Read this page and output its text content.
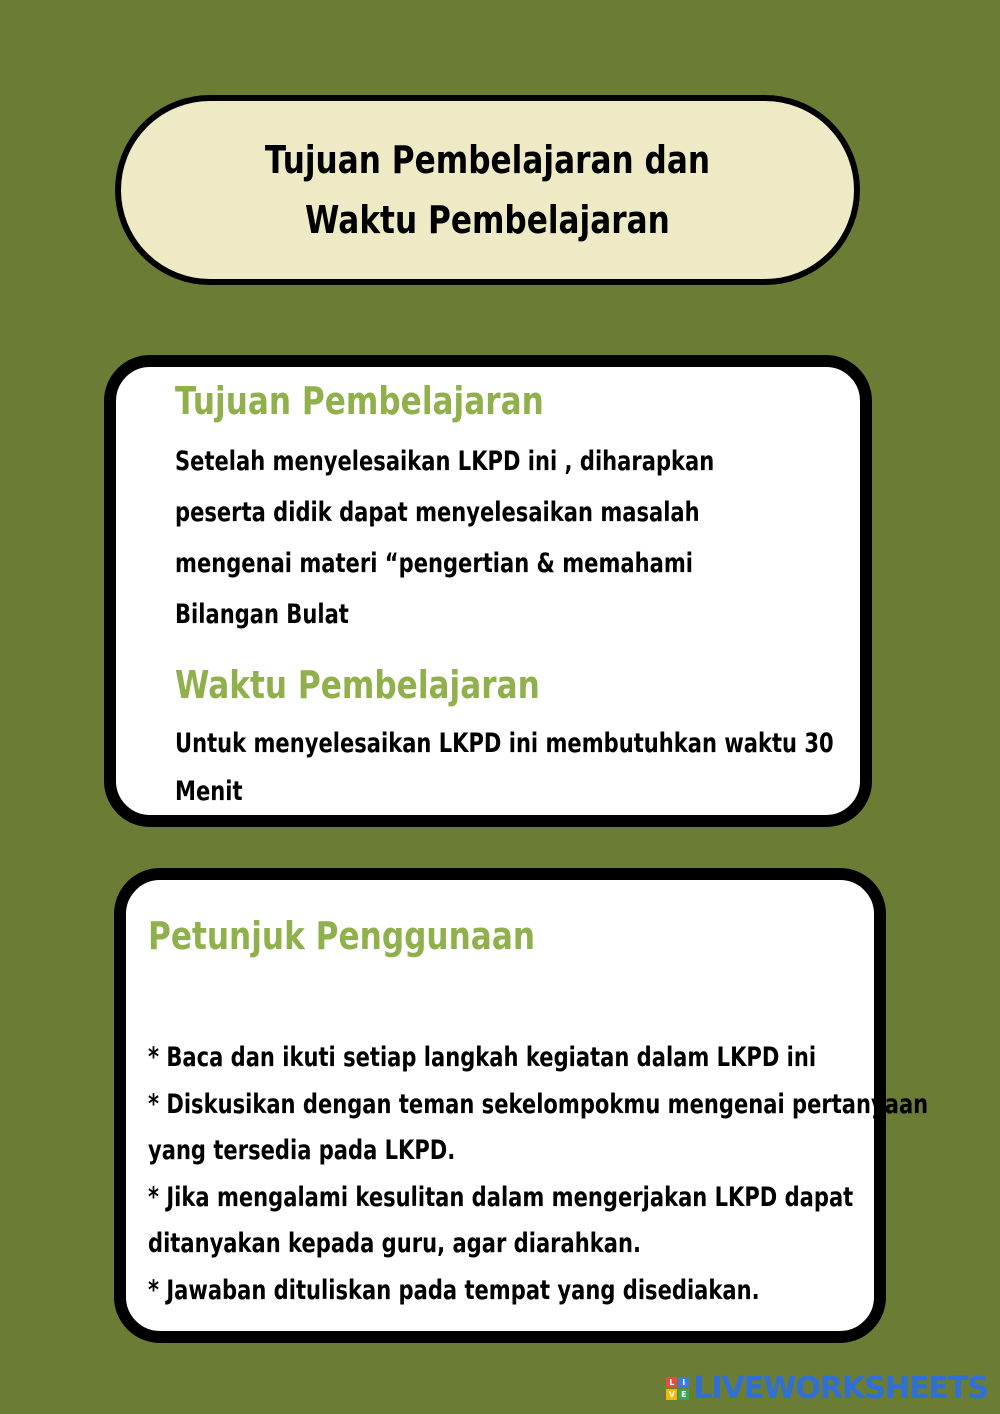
Tujuan Pembelajaran dan
Waktu Pembelajaran
Tujuan Pembelajaran
Setelah menyelesaikan LKPD ini , diharapkan
peserta didik dapat menyelesaikan masalah
mengenai materi “pengertian & memahami
Bilangan Bulat
Waktu Pembelajaran
Untuk menyelesaikan LKPD ini membutuhkan waktu 30
Menit
Petunjuk Penggunaan
* Baca dan ikuti setiap langkah kegiatan dalam LKPD ini
* Diskusikan dengan teman sekelompokmu mengenai pertanyaan
yang tersedia pada LKPD.
* Jika mengalami kesulitan dalam mengerjakan LKPD dapat
ditanyakan kepada guru, agar diarahkan.
* Jawaban dituliskan pada tempat yang disediakan.
L I
V E LIVEWORKSHEETS
